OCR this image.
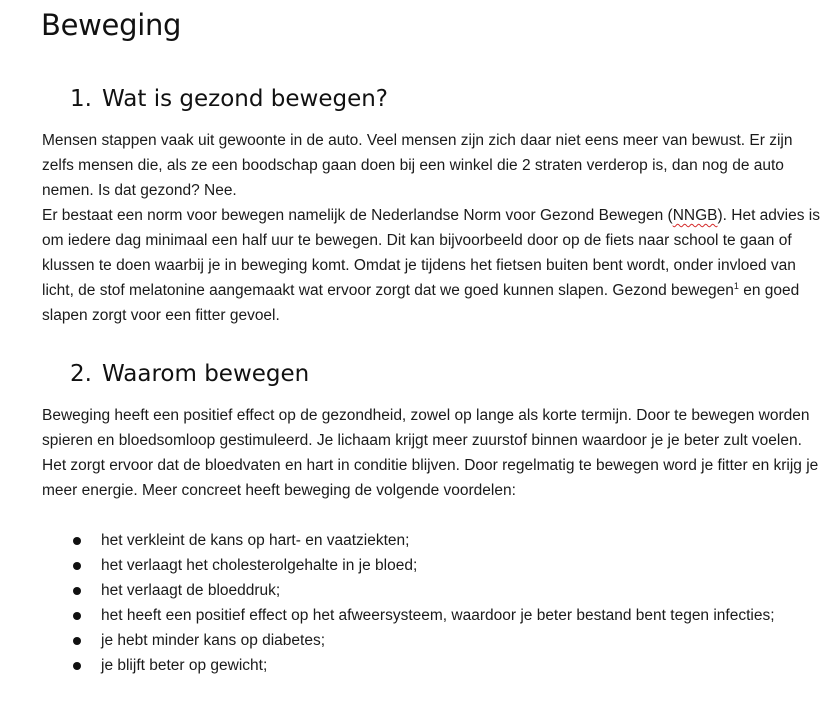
Beweging
1. Wat is gezond bewegen?

Mensen stappen vaak uit gewoonte in de auto. Veel mensen zijn zich daar niet eens meer van bewust. Er zijn zelfs mensen die, als ze een boodschap gaan doen bij een winkel die 2 straten verderop is, dan nog de auto nemen. Is dat gezond? Nee.

Er bestaat een norm voor bewegen namelijk de Nederlandse Norm voor Gezond Bewegen (NNGB). Het advies is om iedere dag minimaal een half uur te bewegen. Dit kan bijvoorbeeld door op de fiets naar school te gaan of klussen te doen waarbij je in beweging komt. Omdat je tijdens het fietsen buiten bent wordt, onder invloed van licht, de stof melatonine aangemaakt wat ervoor zorgt dat we goed kunnen slapen. Gezond bewegen$^1$ en goed slapen zorgt voor een fitter gevoel.

2. Waarom bewegen

Beweging heeft een positief effect op de gezondheid, zowel op lange als korte termijn. Door te bewegen worden spieren en bloedsomloop gestimuleerd. Je lichaam krijgt meer zuurstof binnen waardoor je je beter zult voelen. Het zorgt ervoor dat de bloedvaten en hart in conditie blijven. Door regelmatig te bewegen word je fitter en krijg je meer energie. Meer concreet heeft beweging de volgende voordelen:

het verkleint de kans op hart- en vaatziekten;
het verlaagt het cholesterolgehalte in je bloed;
het verlaagt de bloeddruk;
het heeft een positief effect op het afweersysteem, waardoor je beter bestand bent tegen infecties;
je hebt minder kans op diabetes;
je blijft beter op gewicht;
